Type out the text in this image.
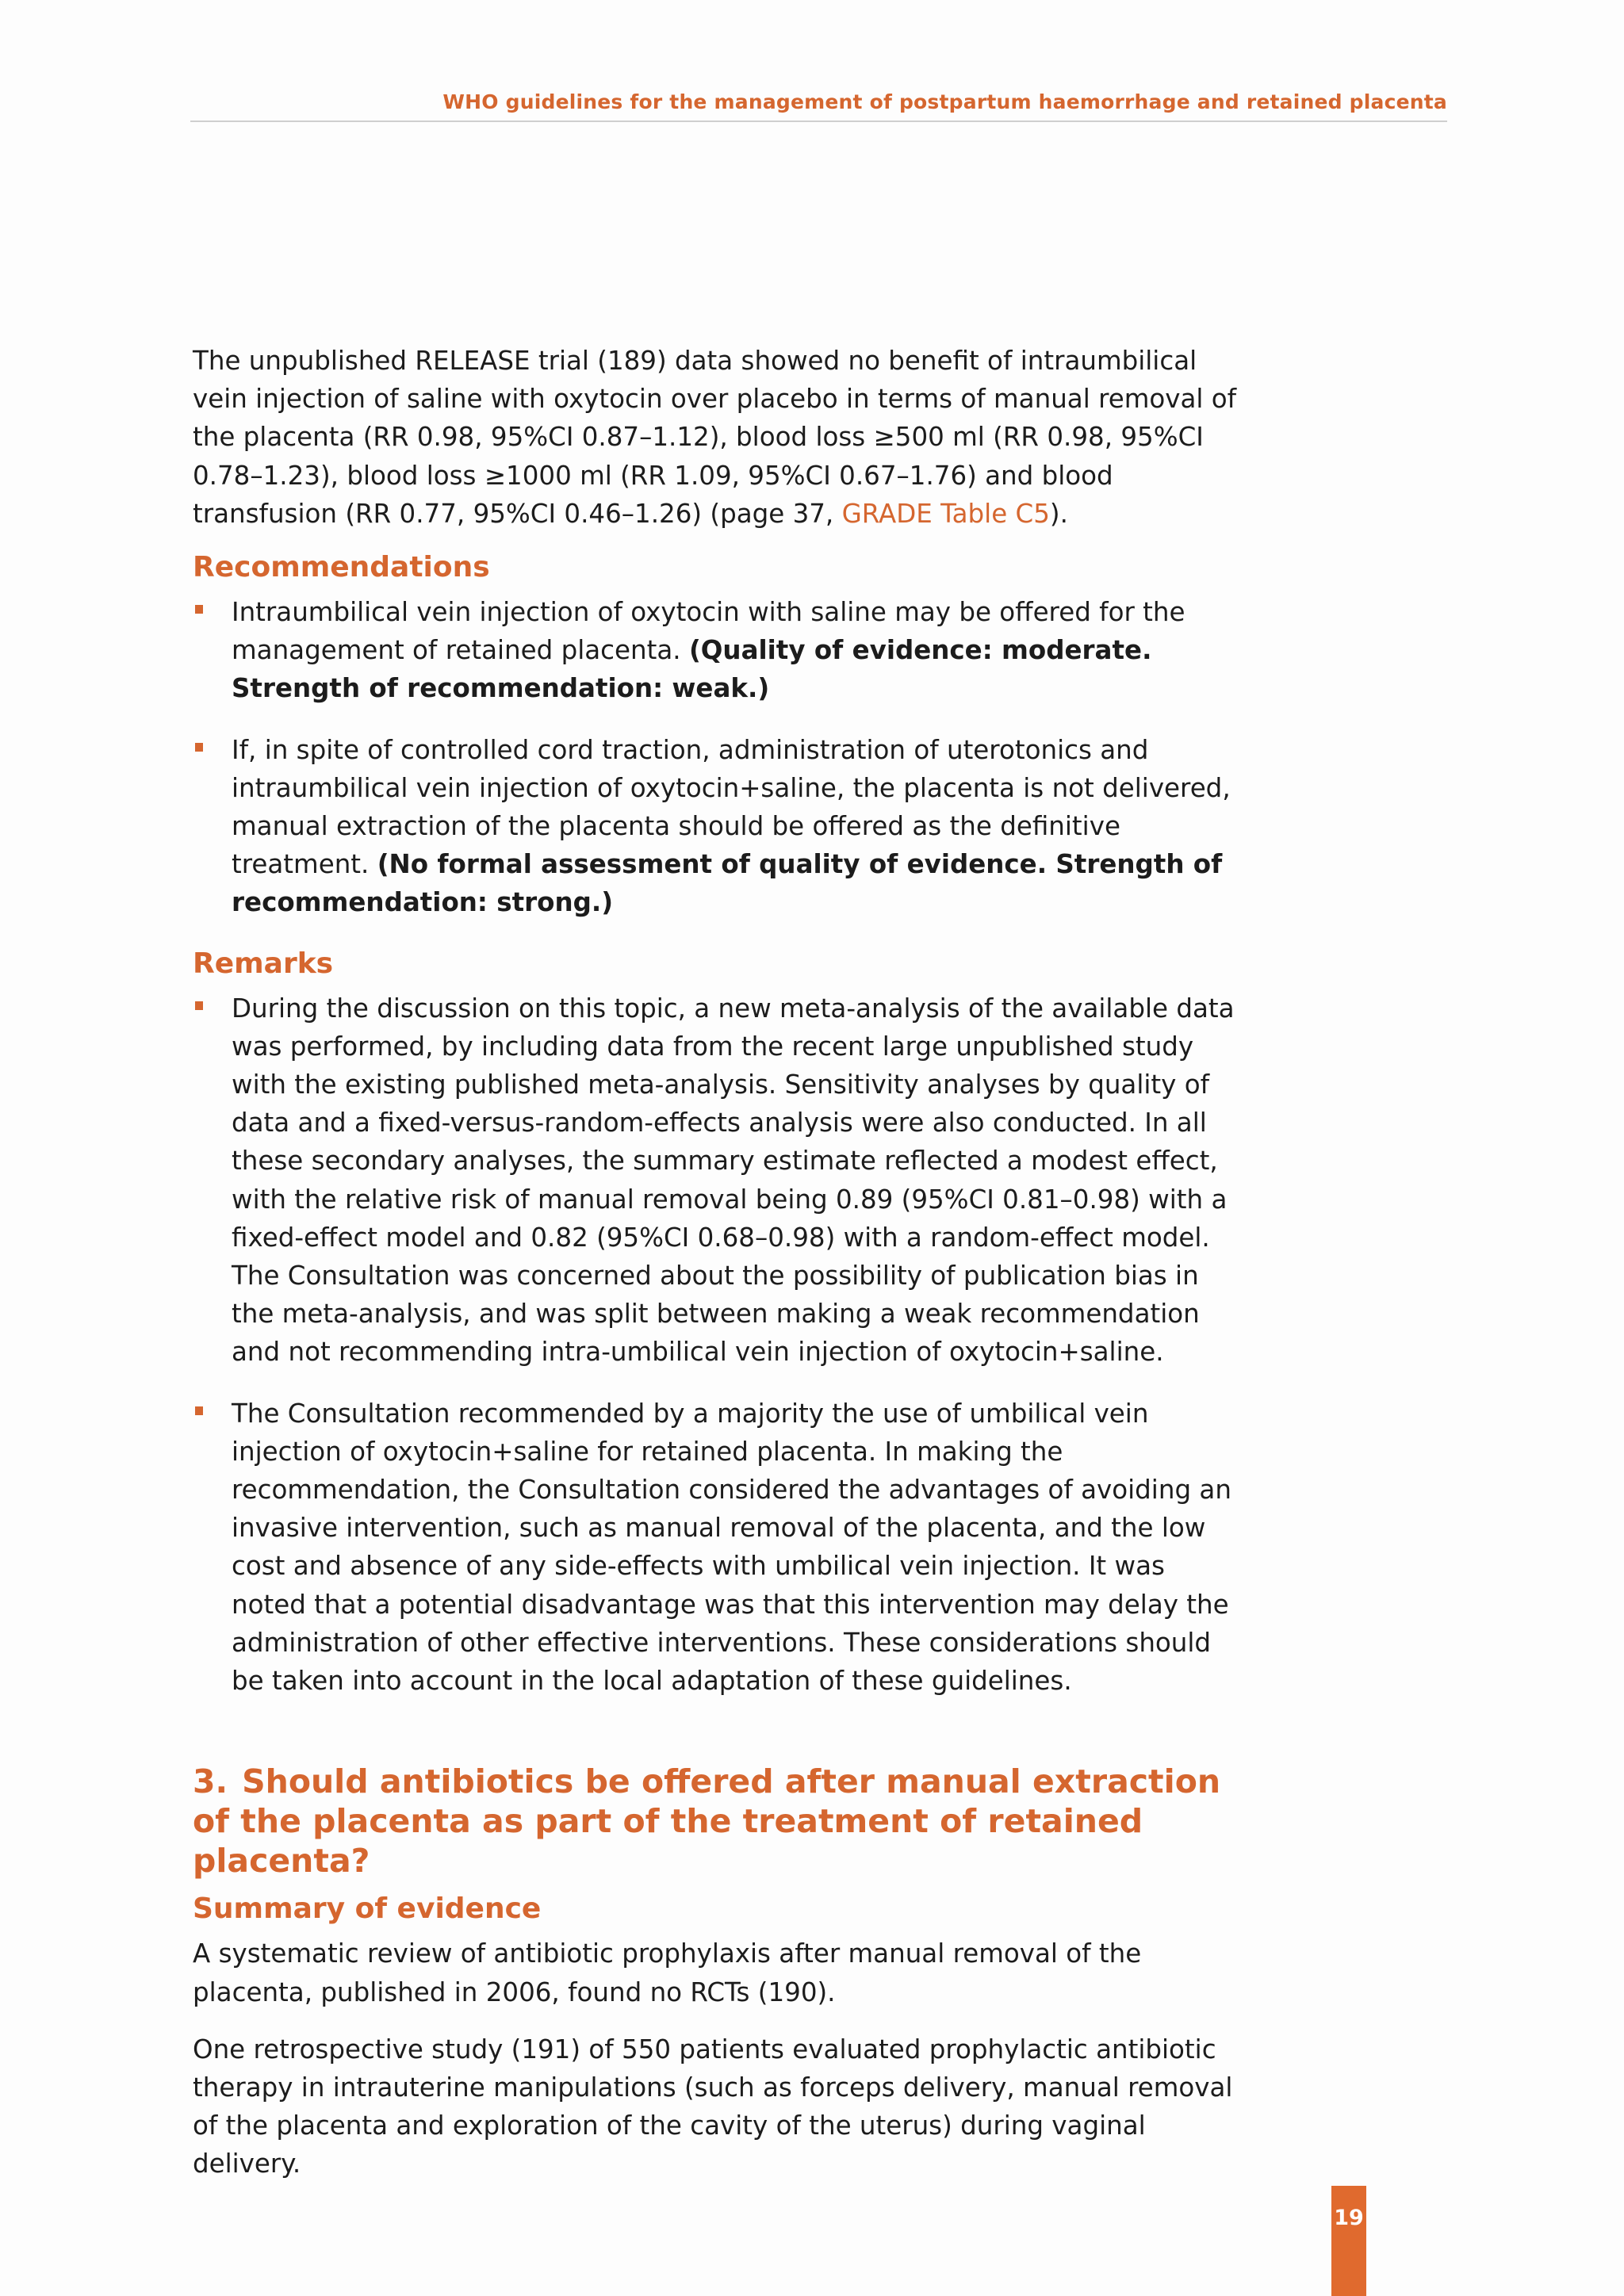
WHO guidelines for the management of postpartum haemorrhage and retained placenta

The unpublished RELEASE trial (189) data showed no benefit of intraumbilical vein injection of saline with oxytocin over placebo in terms of manual removal of the placenta (RR 0.98, 95%CI 0.87–1.12), blood loss ≥500 ml (RR 0.98, 95%CI 0.78–1.23), blood loss ≥1000 ml (RR 1.09, 95%CI 0.67–1.76) and blood transfusion (RR 0.77, 95%CI 0.46–1.26) (page 37, GRADE Table C5).

Recommendations
Intraumbilical vein injection of oxytocin with saline may be offered for the management of retained placenta. (Quality of evidence: moderate. Strength of recommendation: weak.)
If, in spite of controlled cord traction, administration of uterotonics and intraumbilical vein injection of oxytocin+saline, the placenta is not delivered, manual extraction of the placenta should be offered as the definitive treatment. (No formal assessment of quality of evidence. Strength of recommendation: strong.)
Remarks
During the discussion on this topic, a new meta-analysis of the available data was performed, by including data from the recent large unpublished study with the existing published meta-analysis. Sensitivity analyses by quality of data and a fixed-versus-random-effects analysis were also conducted. In all these secondary analyses, the summary estimate reflected a modest effect, with the relative risk of manual removal being 0.89 (95%CI 0.81–0.98) with a fixed-effect model and 0.82 (95%CI 0.68–0.98) with a random-effect model. The Consultation was concerned about the possibility of publication bias in the meta-analysis, and was split between making a weak recommendation and not recommending intra-umbilical vein injection of oxytocin+saline.
The Consultation recommended by a majority the use of umbilical vein injection of oxytocin+saline for retained placenta. In making the recommendation, the Consultation considered the advantages of avoiding an invasive intervention, such as manual removal of the placenta, and the low cost and absence of any side-effects with umbilical vein injection. It was noted that a potential disadvantage was that this intervention may delay the administration of other effective interventions. These considerations should be taken into account in the local adaptation of these guidelines.
3. Should antibiotics be offered after manual extraction of the placenta as part of the treatment of retained placenta?
Summary of evidence

A systematic review of antibiotic prophylaxis after manual removal of the placenta, published in 2006, found no RCTs (190).

One retrospective study (191) of 550 patients evaluated prophylactic antibiotic therapy in intrauterine manipulations (such as forceps delivery, manual removal of the placenta and exploration of the cavity of the uterus) during vaginal delivery.

19
